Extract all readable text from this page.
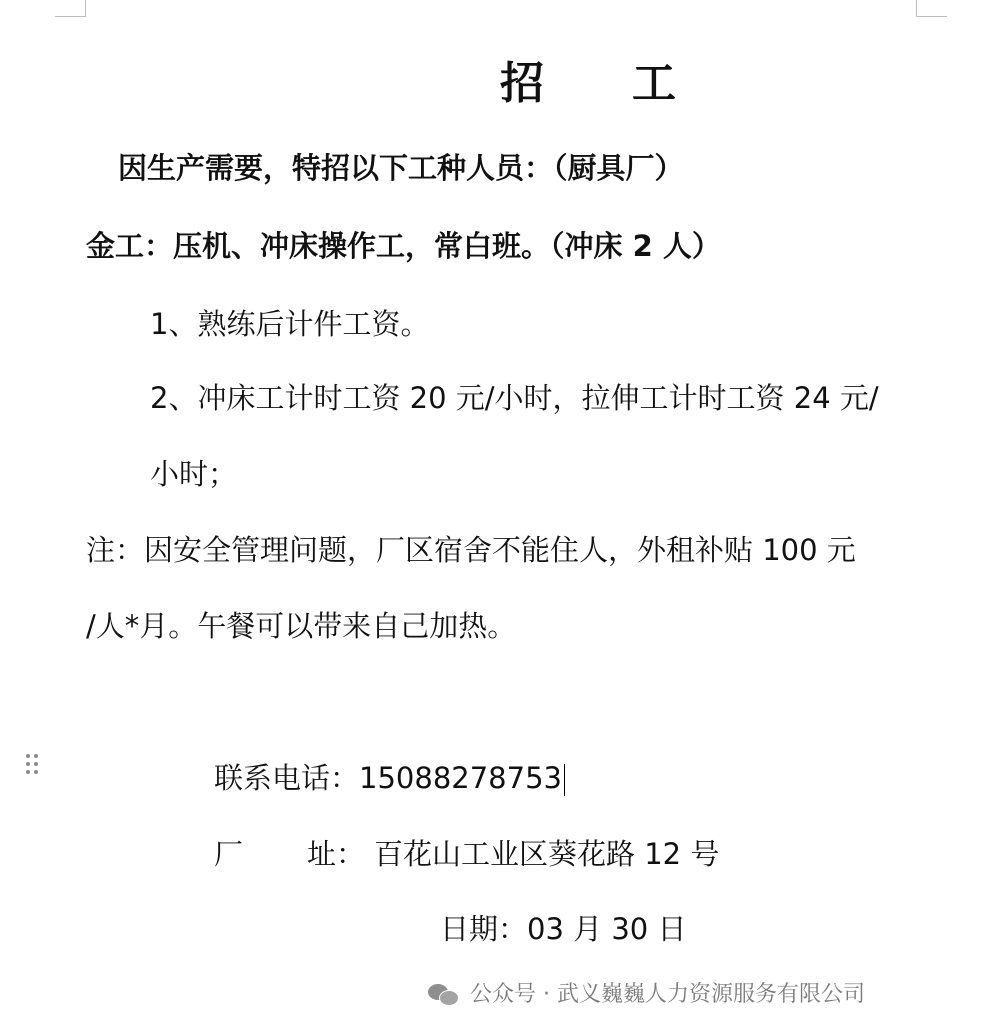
招工
因生产需要，特招以下工种人员：（厨具厂）
金工：压机、冲床操作工，常白班。（冲床 2 人）
1、熟练后计件工资。
2、冲床工计时工资 20 元/小时，拉伸工计时工资 24 元/
小时；
注：因安全管理问题，厂区宿舍不能住人，外租补贴 100 元
/人*月。午餐可以带来自己加热。
联系电话：15088278753
厂 址： 百花山工业区葵花路 12 号
日期：03 月 30 日
公众号 · 武义巍巍人力资源服务有限公司
